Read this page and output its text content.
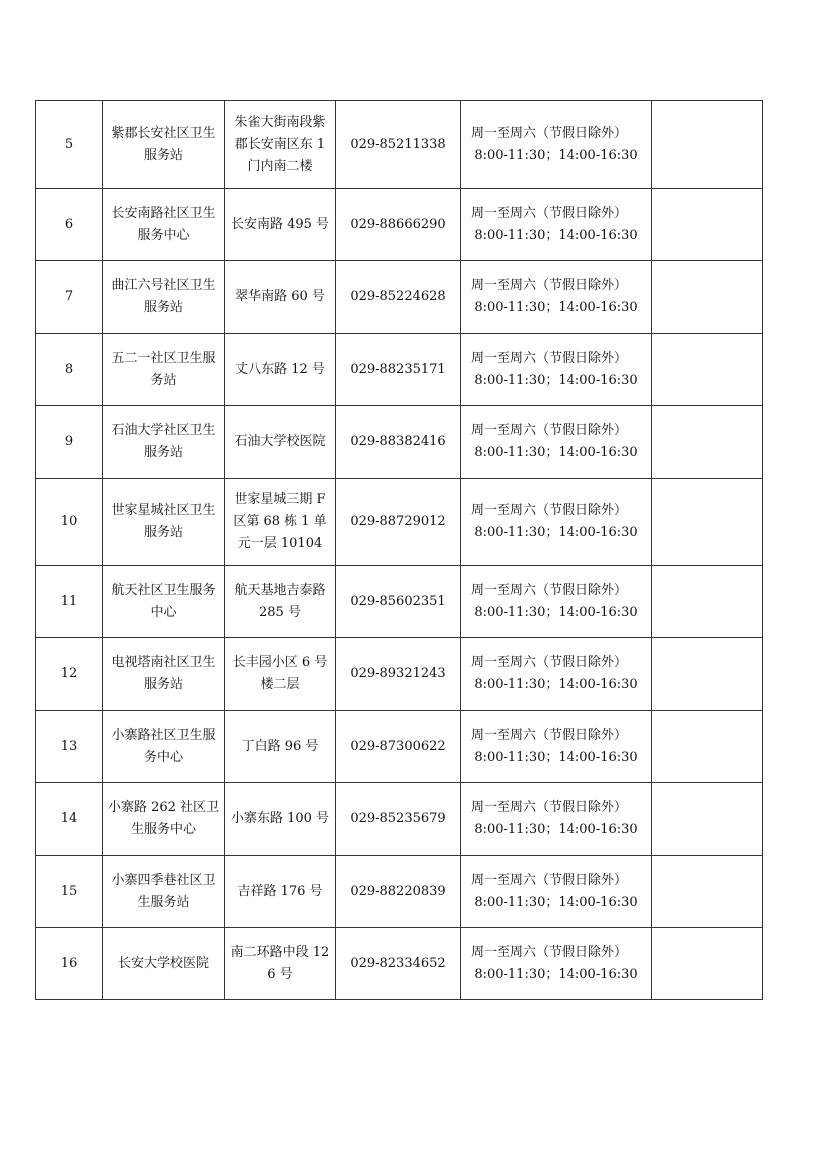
5	紫郡长安社区卫生服务站	朱雀大街南段紫郡长安南区东 1 门内南二楼	029-85211338	周一至周六（节假日除外）
8:00-11:30；14:00-16:30	

6	长安南路社区卫生服务中心	长安南路 495 号	029-88666290	周一至周六（节假日除外）
8:00-11:30；14:00-16:30	

7	曲江六号社区卫生服务站	翠华南路 60 号	029-85224628	周一至周六（节假日除外）
8:00-11:30；14:00-16:30	

8	五二一社区卫生服务站	丈八东路 12 号	029-88235171	周一至周六（节假日除外）
8:00-11:30；14:00-16:30	

9	石油大学社区卫生服务站	石油大学校医院	029-88382416	周一至周六（节假日除外）
8:00-11:30；14:00-16:30	

10	世家星城社区卫生服务站	世家星城三期 F 区第 68 栋 1 单元一层 10104	029-88729012	周一至周六（节假日除外）
8:00-11:30；14:00-16:30	

11	航天社区卫生服务中心	航天基地吉泰路 285 号	029-85602351	周一至周六（节假日除外）
8:00-11:30；14:00-16:30	

12	电视塔南社区卫生服务站	长丰园小区 6 号楼二层	029-89321243	周一至周六（节假日除外）
8:00-11:30；14:00-16:30	

13	小寨路社区卫生服务中心	丁白路 96 号	029-87300622	周一至周六（节假日除外）
8:00-11:30；14:00-16:30	

14	小寨路 262 社区卫生服务中心	小寨东路 100 号	029-85235679	周一至周六（节假日除外）
8:00-11:30；14:00-16:30	

15	小寨四季巷社区卫生服务站	吉祥路 176 号	029-88220839	周一至周六（节假日除外）
8:00-11:30；14:00-16:30	

16	长安大学校医院	南二环路中段 126 号	029-82334652	周一至周六（节假日除外）
8:00-11:30；14:00-16:30	
